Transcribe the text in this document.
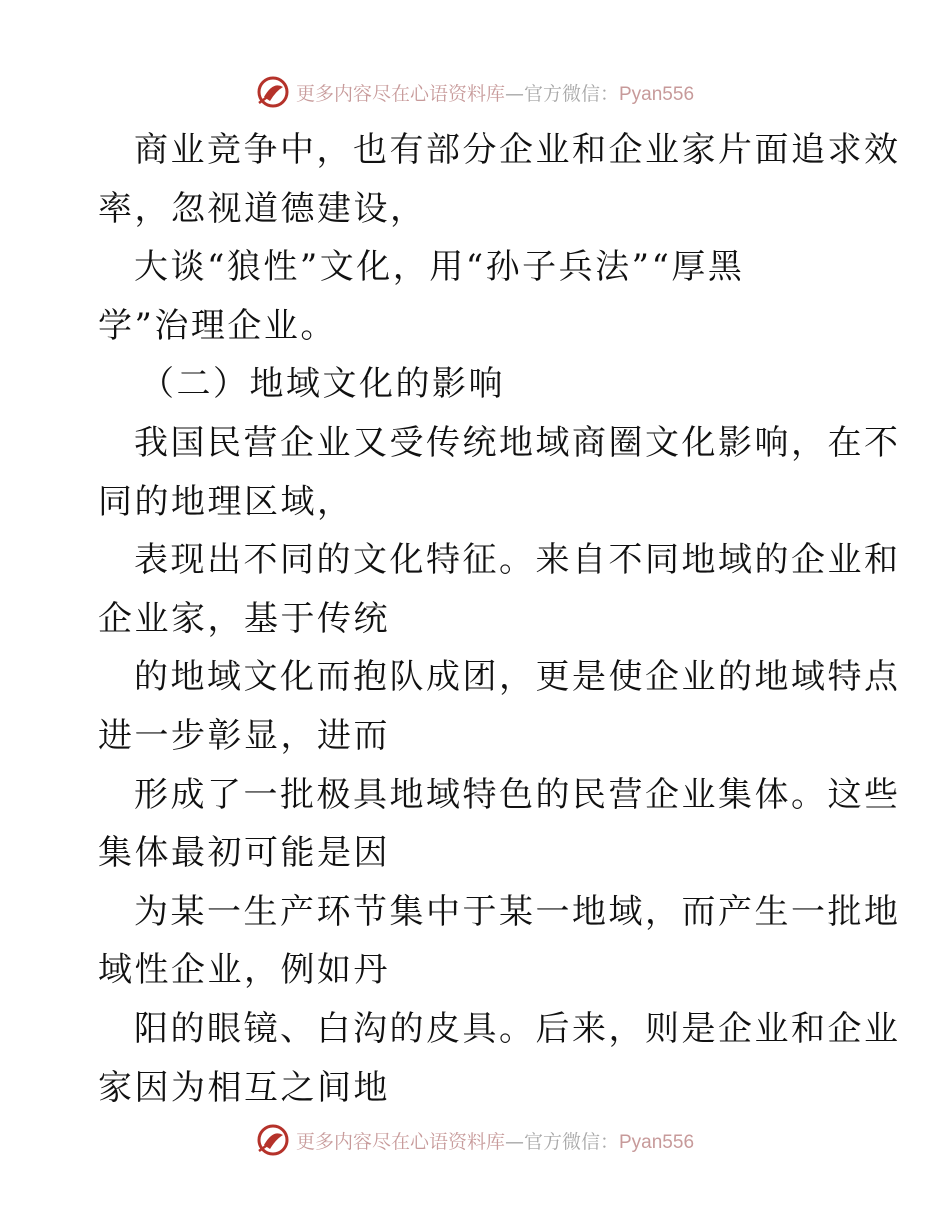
更多内容尽在心语资料库—官方微信：Pyan556
商业竞争中，也有部分企业和企业家片面追求效
率，忽视道德建设，
大谈“狼性”文化，用“孙子兵法”“厚黑
学”治理企业。
（二）地域文化的影响
我国民营企业又受传统地域商圈文化影响，在不
同的地理区域，
表现出不同的文化特征。来自不同地域的企业和
企业家，基于传统
的地域文化而抱队成团，更是使企业的地域特点
进一步彰显，进而
形成了一批极具地域特色的民营企业集体。这些
集体最初可能是因
为某一生产环节集中于某一地域，而产生一批地
域性企业，例如丹
阳的眼镜、白沟的皮具。后来，则是企业和企业
家因为相互之间地
更多内容尽在心语资料库—官方微信：Pyan556
